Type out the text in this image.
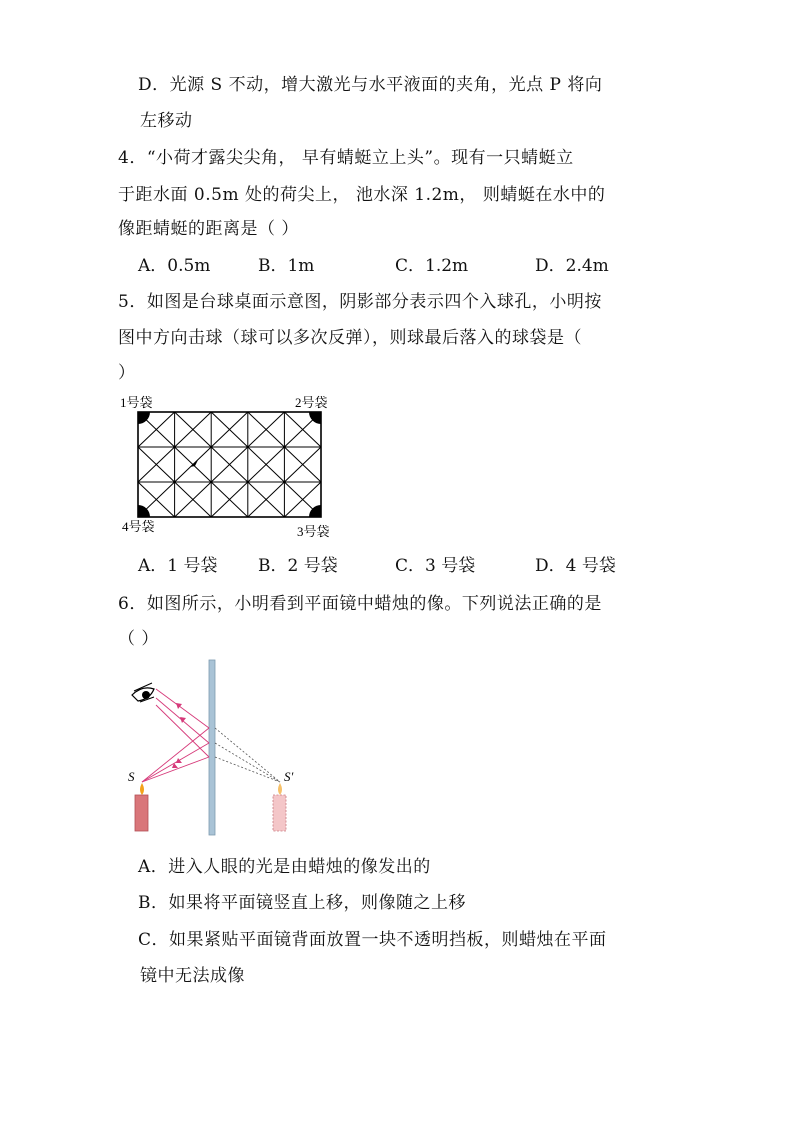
D．光源 S 不动，增大激光与水平液面的夹角，光点 P 将向
左移动
4．“小荷才露尖尖角， 早有蜻蜓立上头”。现有一只蜻蜓立
于距水面 0.5m 处的荷尖上， 池水深 1.2m， 则蜻蜓在水中的
像距蜻蜓的距离是（ ）
A．0.5m	B．1m	C．1.2m	D．2.4m
5．如图是台球桌面示意图，阴影部分表示四个入球孔，小明按
图中方向击球（球可以多次反弹），则球最后落入的球袋是（
）
1号袋	2号袋
4号袋	3号袋
A．1 号袋 B．2 号袋	C．3 号袋	D．4 号袋
6．如图所示，小明看到平面镜中蜡烛的像。下列说法正确的是
（ ）
S	S′
A．进入人眼的光是由蜡烛的像发出的
B．如果将平面镜竖直上移，则像随之上移
C．如果紧贴平面镜背面放置一块不透明挡板，则蜡烛在平面
镜中无法成像
